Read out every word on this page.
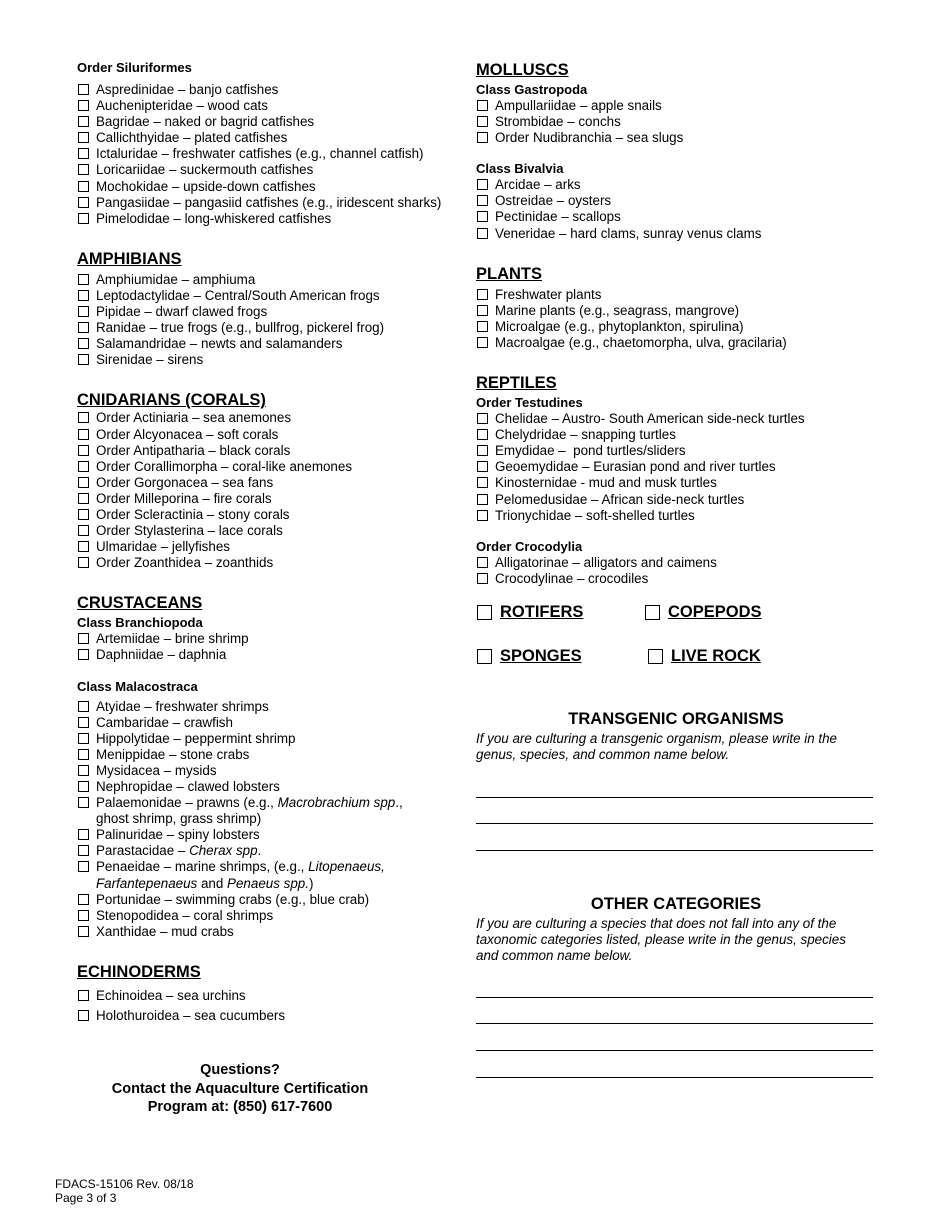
Order Siluriformes

Aspredinidae – banjo catfishes
Auchenipteridae – wood cats
Bagridae – naked or bagrid catfishes
Callichthyidae – plated catfishes
Ictaluridae – freshwater catfishes (e.g., channel catfish)
Loricariidae – suckermouth catfishes
Mochokidae – upside-down catfishes
Pangasiidae – pangasiid catfishes (e.g., iridescent sharks)
Pimelodidae – long-whiskered catfishes

AMPHIBIANS

Amphiumidae – amphiuma
Leptodactylidae – Central/South American frogs
Pipidae – dwarf clawed frogs
Ranidae – true frogs (e.g., bullfrog, pickerel frog)
Salamandridae – newts and salamanders
Sirenidae – sirens

CNIDARIANS (CORALS)

Order Actiniaria – sea anemones
Order Alcyonacea – soft corals
Order Antipatharia – black corals
Order Corallimorpha – coral-like anemones
Order Gorgonacea – sea fans
Order Milleporina – fire corals
Order Scleractinia – stony corals
Order Stylasterina – lace corals
Ulmaridae – jellyfishes
Order Zoanthidea – zoanthids

CRUSTACEANS

Class Branchiopoda

Artemiidae – brine shrimp
Daphniidae – daphnia

Class Malacostraca

Atyidae – freshwater shrimps
Cambaridae – crawfish
Hippolytidae – peppermint shrimp
Menippidae – stone crabs
Mysidacea – mysids
Nephropidae – clawed lobsters
Palaemonidae – prawns (e.g., Macrobrachium spp., ghost shrimp, grass shrimp)
Palinuridae – spiny lobsters
Parastacidae – Cherax spp.
Penaeidae – marine shrimps, (e.g., Litopenaeus, Farfantepenaeus and Penaeus spp.)
Portunidae – swimming crabs (e.g., blue crab)
Stenopodidea – coral shrimps
Xanthidae – mud crabs

ECHINODERMS

Echinoidea – sea urchins
Holothuroidea – sea cucumbers
Questions?
Contact the Aquaculture Certification
Program at: (850) 617-7600

MOLLUSCS

Class Gastropoda

Ampullariidae – apple snails
Strombidae – conchs
Order Nudibranchia – sea slugs

Class Bivalvia

Arcidae – arks
Ostreidae – oysters
Pectinidae – scallops
Veneridae – hard clams, sunray venus clams

PLANTS

Freshwater plants
Marine plants (e.g., seagrass, mangrove)
Microalgae (e.g., phytoplankton, spirulina)
Macroalgae (e.g., chaetomorpha, ulva, gracilaria)

REPTILES

Order Testudines

Chelidae – Austro- South American side-neck turtles
Chelydridae – snapping turtles
Emydidae –  pond turtles/sliders
Geoemydidae – Eurasian pond and river turtles
Kinosternidae - mud and musk turtles
Pelomedusidae – African side-neck turtles
Trionychidae – soft-shelled turtles

Order Crocodylia

Alligatorinae – alligators and caimens
Crocodylinae – crocodiles
ROTIFERS	COPEPODS
SPONGES	LIVE ROCK
TRANSGENIC ORGANISMS
If you are culturing a transgenic organism, please write in the genus, species, and common name below.
OTHER CATEGORIES
If you are culturing a species that does not fall into any of the taxonomic categories listed, please write in the genus, species and common name below.
FDACS-15106 Rev. 08/18
Page 3 of 3
